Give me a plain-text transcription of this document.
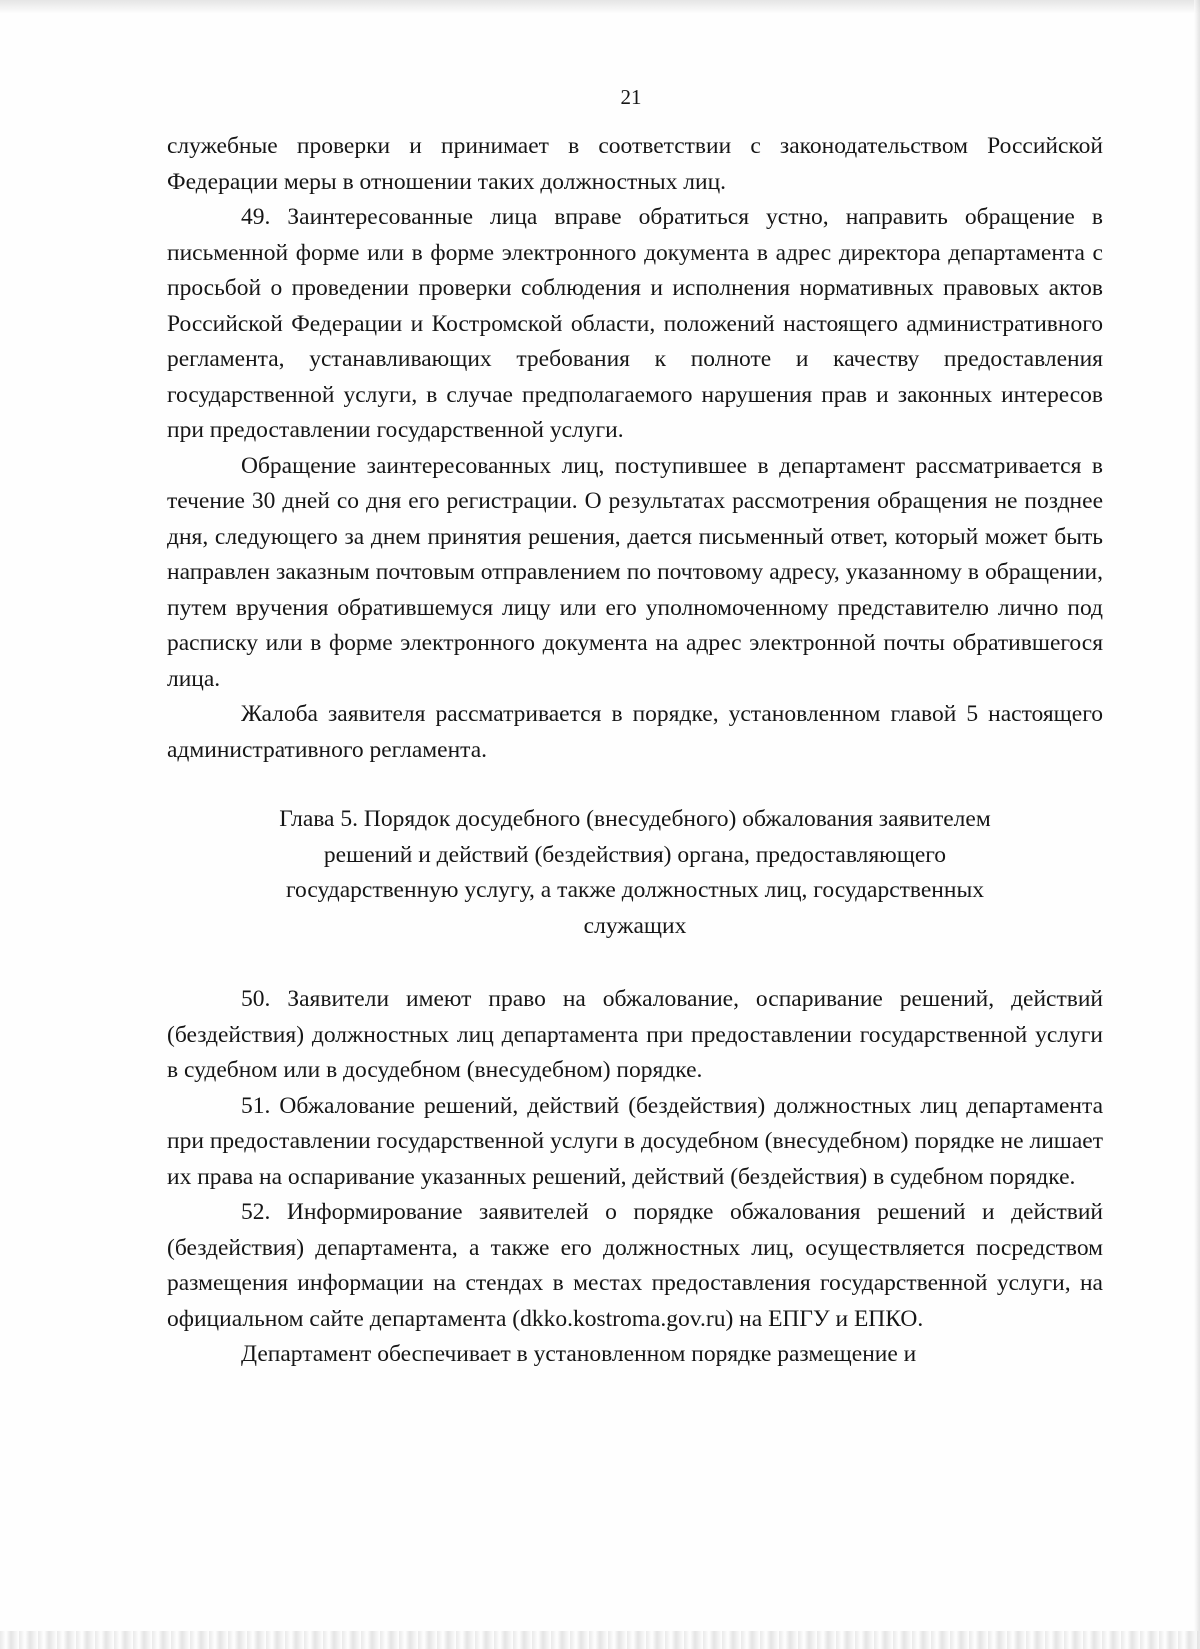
21

служебные проверки и принимает в соответствии с законодательством Российской Федерации меры в отношении таких должностных лиц.

49. Заинтересованные лица вправе обратиться устно, направить обращение в письменной форме или в форме электронного документа в адрес директора департамента с просьбой о проведении проверки соблюдения и исполнения нормативных правовых актов Российской Федерации и Костромской области, положений настоящего административного регламента, устанавливающих требования к полноте и качеству предоставления государственной услуги, в случае предполагаемого нарушения прав и законных интересов при предоставлении государственной услуги.

Обращение заинтересованных лиц, поступившее в департамент рассматривается в течение 30 дней со дня его регистрации. О результатах рассмотрения обращения не позднее дня, следующего за днем принятия решения, дается письменный ответ, который может быть направлен заказным почтовым отправлением по почтовому адресу, указанному в обращении, путем вручения обратившемуся лицу или его уполномоченному представителю лично под расписку или в форме электронного документа на адрес электронной почты обратившегося лица.

Жалоба заявителя рассматривается в порядке, установленном главой 5 настоящего административного регламента.

Глава 5. Порядок досудебного (внесудебного) обжалования заявителем
решений и действий (бездействия) органа, предоставляющего
государственную услугу, а также должностных лиц, государственных
служащих

50. Заявители имеют право на обжалование, оспаривание решений, действий (бездействия) должностных лиц департамента при предоставлении государственной услуги в судебном или в досудебном (внесудебном) порядке.

51. Обжалование решений, действий (бездействия) должностных лиц департамента при предоставлении государственной услуги в досудебном (внесудебном) порядке не лишает их права на оспаривание указанных решений, действий (бездействия) в судебном порядке.

52. Информирование заявителей о порядке обжалования решений и действий (бездействия) департамента, а также его должностных лиц, осуществляется посредством размещения информации на стендах в местах предоставления государственной услуги, на официальном сайте департамента (dkko.kostroma.gov.ru) на ЕПГУ и ЕПКО.

Департамент обеспечивает в установленном порядке размещение и
